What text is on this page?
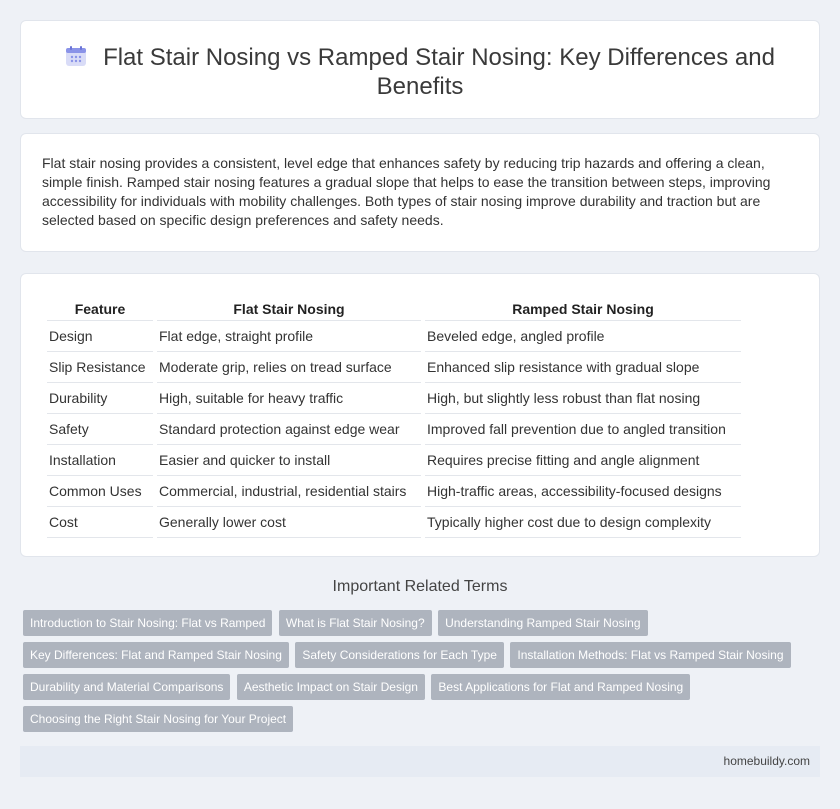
Flat Stair Nosing vs Ramped Stair Nosing: Key Differences and Benefits
Flat stair nosing provides a consistent, level edge that enhances safety by reducing trip hazards and offering a clean, simple finish. Ramped stair nosing features a gradual slope that helps to ease the transition between steps, improving accessibility for individuals with mobility challenges. Both types of stair nosing improve durability and traction but are selected based on specific design preferences and safety needs.
Feature	Flat Stair Nosing	Ramped Stair Nosing
Design	Flat edge, straight profile	Beveled edge, angled profile
Slip Resistance	Moderate grip, relies on tread surface	Enhanced slip resistance with gradual slope
Durability	High, suitable for heavy traffic	High, but slightly less robust than flat nosing
Safety	Standard protection against edge wear	Improved fall prevention due to angled transition
Installation	Easier and quicker to install	Requires precise fitting and angle alignment
Common Uses	Commercial, industrial, residential stairs	High-traffic areas, accessibility-focused designs
Cost	Generally lower cost	Typically higher cost due to design complexity
Important Related Terms
Introduction to Stair Nosing: Flat vs Ramped What is Flat Stair Nosing? Understanding Ramped Stair Nosing Key Differences: Flat and Ramped Stair Nosing Safety Considerations for Each Type Installation Methods: Flat vs Ramped Stair Nosing Durability and Material Comparisons Aesthetic Impact on Stair Design Best Applications for Flat and Ramped Nosing Choosing the Right Stair Nosing for Your Project
homebuildy.com
